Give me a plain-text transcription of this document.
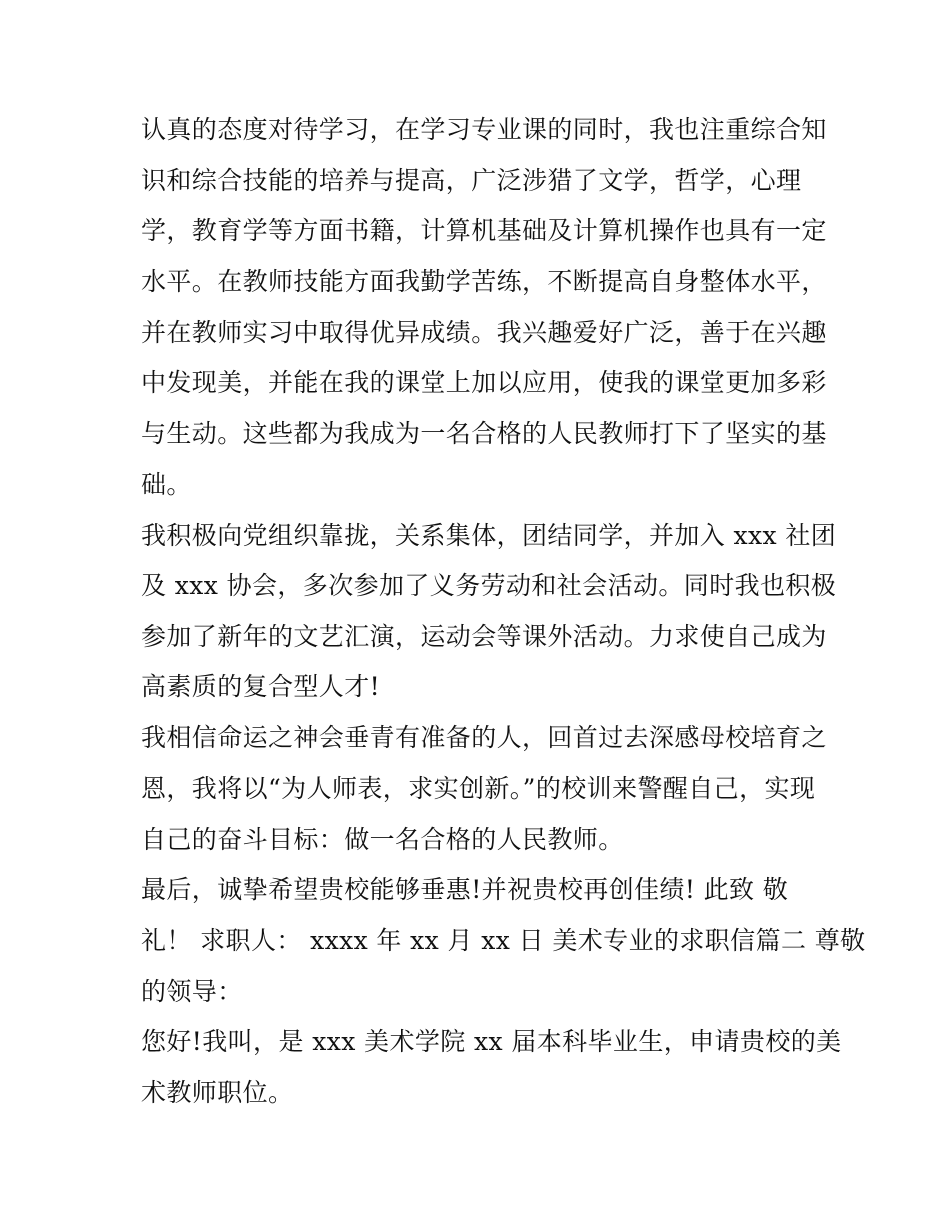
认真的态度对待学习，在学习专业课的同时，我也注重综合知
识和综合技能的培养与提高，广泛涉猎了文学，哲学，心理
学，教育学等方面书籍，计算机基础及计算机操作也具有一定
水平。在教师技能方面我勤学苦练，不断提高自身整体水平，
并在教师实习中取得优异成绩。我兴趣爱好广泛，善于在兴趣
中发现美，并能在我的课堂上加以应用，使我的课堂更加多彩
与生动。这些都为我成为一名合格的人民教师打下了坚实的基
础。
我积极向党组织靠拢，关系集体，团结同学，并加入 xxx 社团
及 xxx 协会，多次参加了义务劳动和社会活动。同时我也积极
参加了新年的文艺汇演，运动会等课外活动。力求使自己成为
高素质的复合型人才!
我相信命运之神会垂青有准备的人，回首过去深感母校培育之
恩，我将以“为人师表，求实创新。”的校训来警醒自己，实现
自己的奋斗目标：做一名合格的人民教师。
最后，诚挚希望贵校能够垂惠!并祝贵校再创佳绩! 此致 敬
礼！ 求职人： xxxx 年 xx 月 xx 日 美术专业的求职信篇二 尊敬
的领导：
您好!我叫，是 xxx 美术学院 xx 届本科毕业生，申请贵校的美
术教师职位。
